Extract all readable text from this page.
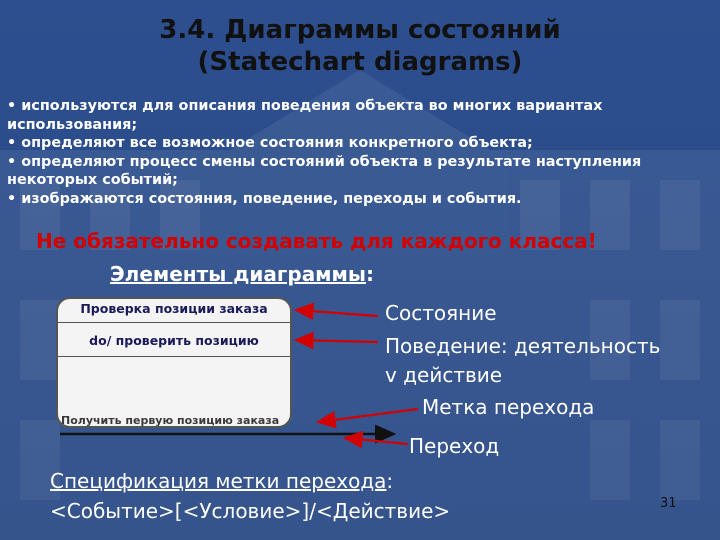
3.4. Диаграммы состояний
(Statechart diagrams)
• используются для описания поведения объекта во многих вариантах использования;
• определяют все возможное состояния конкретного объекта;
• определяют процесс смены состояний объекта в результате наступления некоторых событий;
• изображаются состояния, поведение, переходы и события.
Не обязательно создавать для каждого класса!
Элементы диаграммы:
Проверка позиции заказа
do/ проверить позицию
Получить первую позицию заказа
Состояние
Поведение: деятельность
v действие
Метка перехода
Переход
Спецификация метки перехода:
<Событие>[<Условие>]/<Действие>	31
